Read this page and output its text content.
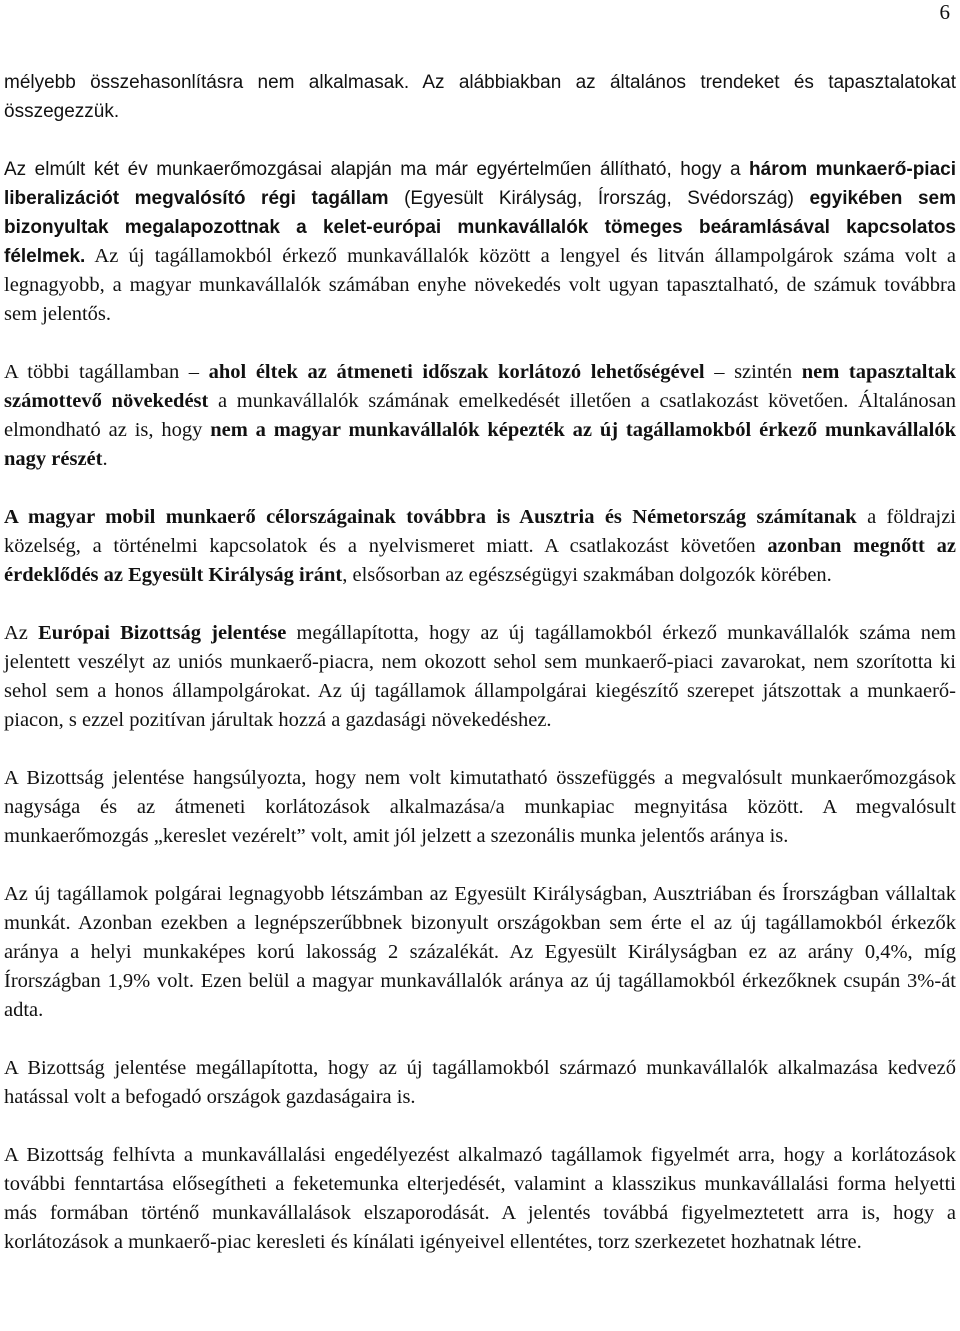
6

mélyebb összehasonlításra nem alkalmasak. Az alábbiakban az általános trendeket és tapasztalatokat összegezzük.

Az elmúlt két év munkaerőmozgásai alapján ma már egyértelműen állítható, hogy a három munkaerő-piaci liberalizációt megvalósító régi tagállam (Egyesült Királyság, Írország, Svédország) egyikében sem bizonyultak megalapozottnak a kelet-európai munkavállalók tömeges beáramlásával kapcsolatos félelmek. Az új tagállamokból érkező munkavállalók között a lengyel és litván állampolgárok száma volt a legnagyobb, a magyar munkavállalók számában enyhe növekedés volt ugyan tapasztalható, de számuk továbbra sem jelentős.

A többi tagállamban – ahol éltek az átmeneti időszak korlátozó lehetőségével – szintén nem tapasztaltak számottevő növekedést a munkavállalók számának emelkedését illetően a csatlakozást követően. Általánosan elmondható az is, hogy nem a magyar munkavállalók képezték az új tagállamokból érkező munkavállalók nagy részét.

A magyar mobil munkaerő célországainak továbbra is Ausztria és Németország számítanak a földrajzi közelség, a történelmi kapcsolatok és a nyelvismeret miatt. A csatlakozást követően azonban megnőtt az érdeklődés az Egyesült Királyság iránt, elsősorban az egészségügyi szakmában dolgozók körében.

Az Európai Bizottság jelentése megállapította, hogy az új tagállamokból érkező munkavállalók száma nem jelentett veszélyt az uniós munkaerő-piacra, nem okozott sehol sem munkaerő-piaci zavarokat, nem szorította ki sehol sem a honos állampolgárokat. Az új tagállamok állampolgárai kiegészítő szerepet játszottak a munkaerő-piacon, s ezzel pozitívan járultak hozzá a gazdasági növekedéshez.

A Bizottság jelentése hangsúlyozta, hogy nem volt kimutatható összefüggés a megvalósult munkaerőmozgások nagysága és az átmeneti korlátozások alkalmazása/a munkapiac megnyitása között. A megvalósult munkaerőmozgás „kereslet vezérelt” volt, amit jól jelzett a szezonális munka jelentős aránya is.

Az új tagállamok polgárai legnagyobb létszámban az Egyesült Királyságban, Ausztriában és Írországban vállaltak munkát. Azonban ezekben a legnépszerűbbnek bizonyult országokban sem érte el az új tagállamokból érkezők aránya a helyi munkaképes korú lakosság 2 százalékát. Az Egyesült Királyságban ez az arány 0,4%, míg Írországban 1,9% volt. Ezen belül a magyar munkavállalók aránya az új tagállamokból érkezőknek csupán 3%-át adta.

A Bizottság jelentése megállapította, hogy az új tagállamokból származó munkavállalók alkalmazása kedvező hatással volt a befogadó országok gazdaságaira is.

A Bizottság felhívta a munkavállalási engedélyezést alkalmazó tagállamok figyelmét arra, hogy a korlátozások további fenntartása elősegítheti a feketemunka elterjedését, valamint a klasszikus munkavállalási forma helyetti más formában történő munkavállalások elszaporodását. A jelentés továbbá figyelmeztetett arra is, hogy a korlátozások a munkaerő-piac keresleti és kínálati igényeivel ellentétes, torz szerkezetet hozhatnak létre.
